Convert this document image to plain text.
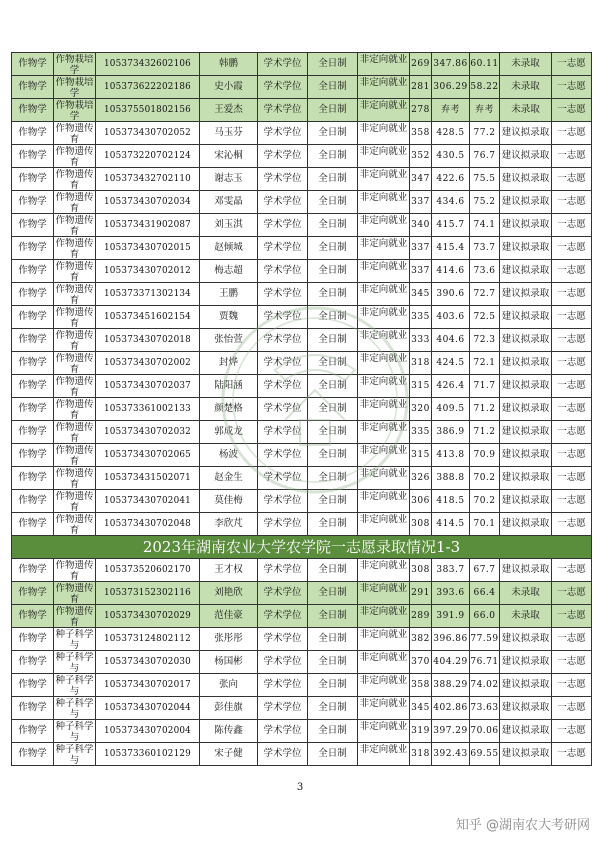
作物学	作物栽培学	105373432602106	韩鹏	学术学位	全日制	非定向就业	269	347.86	60.11	未录取	一志愿
作物学	作物栽培学	105373622202186	史小霞	学术学位	全日制	非定向就业	281	306.29	58.22	未录取	一志愿
作物学	作物栽培学	105375501802156	王爱杰	学术学位	全日制	非定向就业	278	弃考	弃考	未录取	一志愿
作物学	作物遗传育	105373430702052	马玉芬	学术学位	全日制	非定向就业	358	428.5	77.2	建议拟录取	一志愿
作物学	作物遗传育	105373220702124	宋沁桐	学术学位	全日制	非定向就业	352	430.5	76.7	建议拟录取	一志愿
作物学	作物遗传育	105373432702110	谢志玉	学术学位	全日制	非定向就业	347	422.6	75.5	建议拟录取	一志愿
作物学	作物遗传育	105373430702034	邓雯晶	学术学位	全日制	非定向就业	337	434.6	75.2	建议拟录取	一志愿
作物学	作物遗传育	105373431902087	刘玉淇	学术学位	全日制	非定向就业	340	415.7	74.1	建议拟录取	一志愿
作物学	作物遗传育	105373430702015	赵倾城	学术学位	全日制	非定向就业	337	415.4	73.7	建议拟录取	一志愿
作物学	作物遗传育	105373430702012	梅志超	学术学位	全日制	非定向就业	337	414.6	73.6	建议拟录取	一志愿
作物学	作物遗传育	105373371302134	王鹏	学术学位	全日制	非定向就业	345	390.6	72.7	建议拟录取	一志愿
作物学	作物遗传育	105373451602154	贾魏	学术学位	全日制	非定向就业	335	403.6	72.5	建议拟录取	一志愿
作物学	作物遗传育	105373430702018	张怡萱	学术学位	全日制	非定向就业	333	404.6	72.3	建议拟录取	一志愿
作物学	作物遗传育	105373430702002	封烨	学术学位	全日制	非定向就业	318	424.5	72.1	建议拟录取	一志愿
作物学	作物遗传育	105373430702037	陆阳涵	学术学位	全日制	非定向就业	315	426.4	71.7	建议拟录取	一志愿
作物学	作物遗传育	105373361002133	颜楚格	学术学位	全日制	非定向就业	320	409.5	71.2	建议拟录取	一志愿
作物学	作物遗传育	105373430702032	郭成龙	学术学位	全日制	非定向就业	335	386.9	71.2	建议拟录取	一志愿
作物学	作物遗传育	105373430702065	杨波	学术学位	全日制	非定向就业	315	413.8	70.9	建议拟录取	一志愿
作物学	作物遗传育	105373431502071	赵金生	学术学位	全日制	非定向就业	326	388.8	70.2	建议拟录取	一志愿
作物学	作物遗传育	105373430702041	莫佳梅	学术学位	全日制	非定向就业	306	418.5	70.2	建议拟录取	一志愿
作物学	作物遗传育	105373430702048	李欣芃	学术学位	全日制	非定向就业	308	414.5	70.1	建议拟录取	一志愿
2023年湖南农业大学农学院一志愿录取情况1-3											
作物学	作物遗传育	105373520602170	王才权	学术学位	全日制	非定向就业	308	383.7	67.7	建议拟录取	一志愿
作物学	作物遗传育	105373152302116	刘艳欣	学术学位	全日制	非定向就业	291	393.6	66.4	未录取	一志愿
作物学	作物遗传育	105373430702029	范佳豪	学术学位	全日制	非定向就业	289	391.9	66.0	未录取	一志愿
作物学	种子科学与	105373124802112	张彤彤	学术学位	全日制	非定向就业	382	396.86	77.59	建议拟录取	一志愿
作物学	种子科学与	105373430702030	杨国彬	学术学位	全日制	非定向就业	370	404.29	76.71	建议拟录取	一志愿
作物学	种子科学与	105373430702017	张向	学术学位	全日制	非定向就业	358	388.29	74.02	建议拟录取	一志愿
作物学	种子科学与	105373430702044	彭佳旗	学术学位	全日制	非定向就业	345	402.86	73.63	建议拟录取	一志愿
作物学	种子科学与	105373430702004	陈传鑫	学术学位	全日制	非定向就业	319	397.29	70.06	建议拟录取	一志愿
作物学	种子科学与	105373360102129	宋子健	学术学位	全日制	非定向就业	318	392.43	69.55	建议拟录取	一志愿
3
知乎 @湖南农大考研网
